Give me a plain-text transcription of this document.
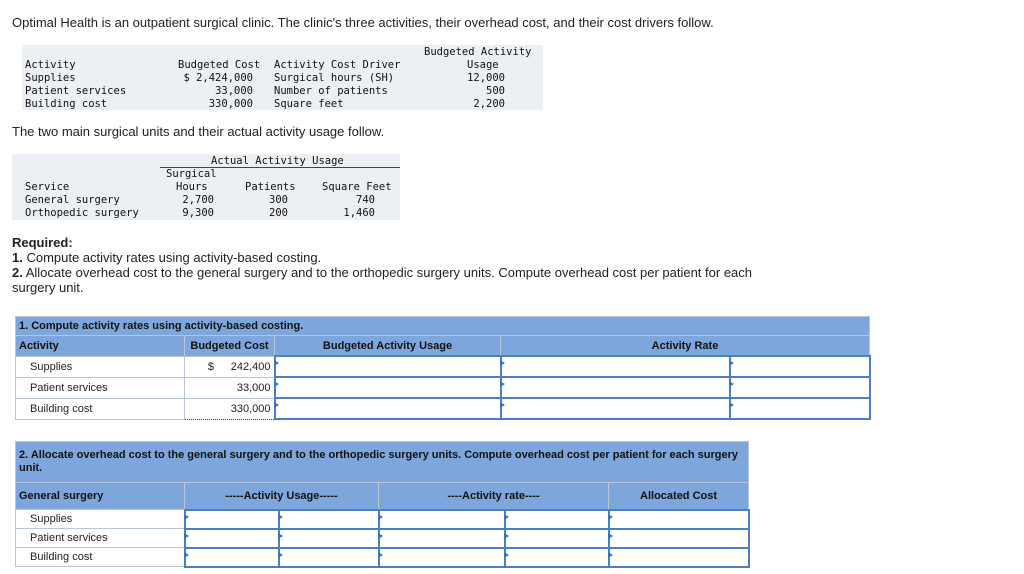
Optimal Health is an outpatient surgical clinic. The clinic's three activities, their overhead cost, and their cost drivers follow.
Budgeted Activity
Usage
Activity	Budgeted Cost Activity Cost Driver
Supplies	$ 2,424,000 Surgical hours (SH)	12,000
Patient services	33,000 Number of patients	500
Building cost	330,000 Square feet	2,200
The two main surgical units and their actual activity usage follow.
Actual Activity Usage
Surgical
Service	Hours	Patients	Square Feet
General surgery	2,700	300	740
Orthopedic surgery	9,300	200	1,460
Required:
1. Compute activity rates using activity-based costing.
2. Allocate overhead cost to the general surgery and to the orthopedic surgery units. Compute overhead cost per patient for each surgery unit.
1. Compute activity rates using activity-based costing.				
Activity	Budgeted Cost	Budgeted Activity Usage	Activity Rate	
Supplies	$ 242,400			
Patient services	33,000			
Building cost	330,000			
2. Allocate overhead cost to the general surgery and to the orthopedic surgery units. Compute overhead cost per patient for each surgery unit.					
General surgery	-----Activity Usage-----		----Activity rate----		Allocated Cost
Supplies					
Patient services					
Building cost					
